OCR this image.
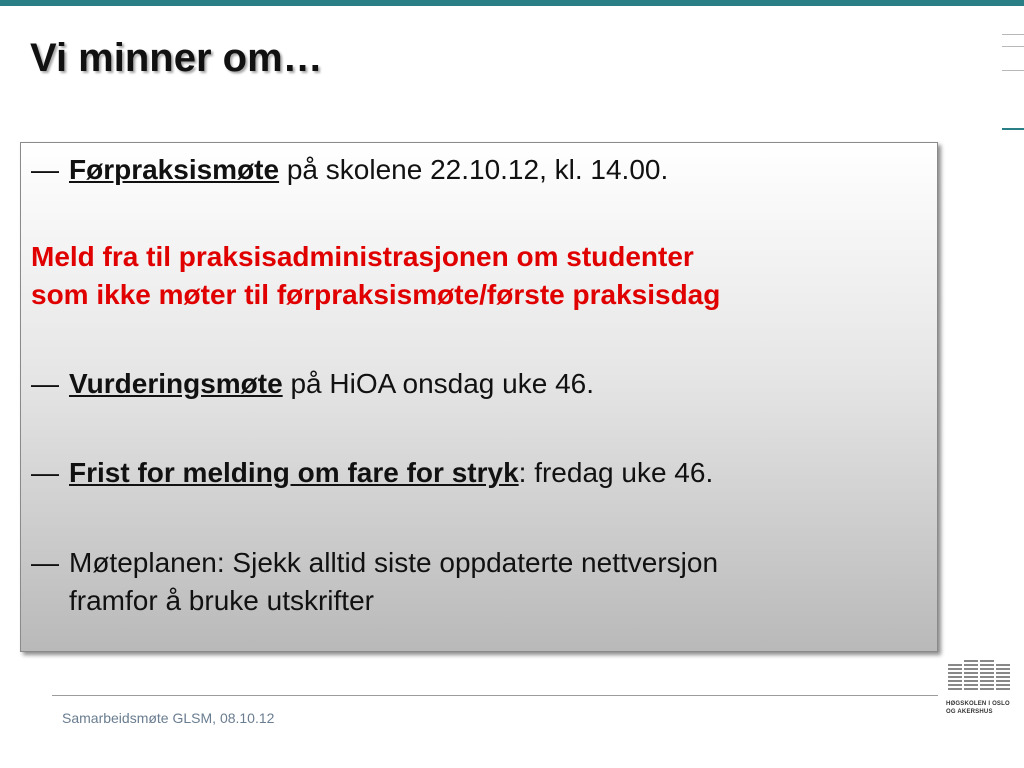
Vi minner om…
— Førpraksismøte på skolene 22.10.12, kl. 14.00.
Meld fra til praksisadministrasjonen om studenter
som ikke møter til førpraksismøte/første praksisdag
— Vurderingsmøte på HiOA onsdag uke 46.
— Frist for melding om fare for stryk: fredag uke 46.
— Møteplanen: Sjekk alltid siste oppdaterte nettversjon
framfor å bruke utskrifter
Samarbeidsmøte GLSM, 08.10.12
HØGSKOLEN I OSLO
OG AKERSHUS
